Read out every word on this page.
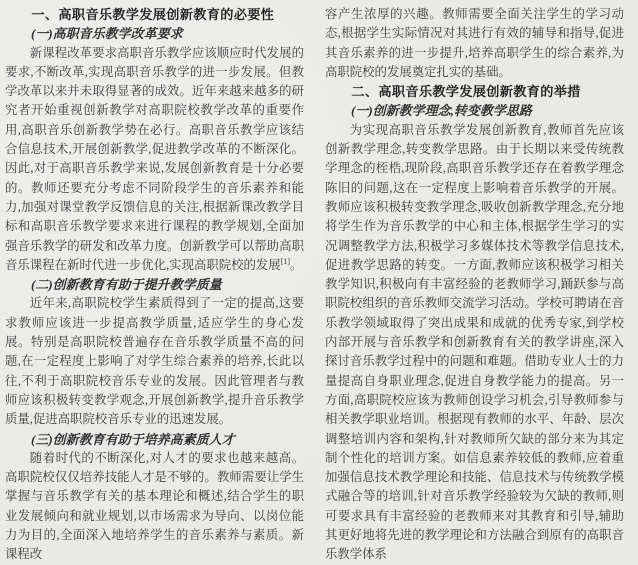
一、高职音乐教学发展创新教育的必要性
(一)高职音乐教学改革要求

新课程改革要求高职音乐教学应该顺应时代发展的要求,不断改革,实现高职音乐教学的进一步发展。但教学改革以来并未取得显著的成效。近年来越来越多的研究者开始重视创新教学对高职院校教学改革的重要作用,高职音乐创新教学势在必行。高职音乐教学应该结合信息技术,开展创新教学,促进教学改革的不断深化。因此,对于高职音乐教学来说,发展创新教育是十分必要的。教师还要充分考虑不同阶段学生的音乐素养和能力,加强对课堂教学反馈信息的关注,根据新课改教学目标和高职音乐教学要求来进行课程的教学规划,全面加强音乐教学的研发和改革力度。创新教学可以帮助高职音乐课程在新时代进一步优化,实现高职院校的发展[1]。

(二)创新教育有助于提升教学质量

近年来,高职院校学生素质得到了一定的提高,这要求教师应该进一步提高教学质量,适应学生的身心发展。特别是高职院校普遍存在音乐教学质量不高的问题,在一定程度上影响了对学生综合素养的培养,长此以往,不利于高职院校音乐专业的发展。因此管理者与教师应该积极转变教学观念,开展创新教学,提升音乐教学质量,促进高职院校音乐专业的迅速发展。

(三)创新教育有助于培养高素质人才

随着时代的不断深化,对人才的要求也越来越高。高职院校仅仅培养技能人才是不够的。教师需要让学生掌握与音乐教学有关的基本理论和概述,结合学生的职业发展倾向和就业规划,以市场需求为导向、以岗位能力为目的,全面深入地培养学生的音乐素养与素质。新课程改

容产生浓厚的兴趣。教师需要全面关注学生的学习动态,根据学生实际情况对其进行有效的辅导和指导,促进其音乐素养的进一步提升,培养高职学生的综合素养,为高职院校的发展奠定扎实的基础。

二、高职音乐教学发展创新教育的举措
(一)创新教学理念,转变教学思路

为实现高职音乐教学发展创新教育,教师首先应该创新教学理念,转变教学思路。由于长期以来受传统教学理念的桎梏,现阶段,高职音乐教学还存在着教学理念陈旧的问题,这在一定程度上影响着音乐教学的开展。教师应该积极转变教学理念,吸收创新教学理念,充分地将学生作为音乐教学的中心和主体,根据学生学习的实况调整教学方法,积极学习多媒体技术等教学信息技术,促进教学思路的转变。一方面,教师应该积极学习相关教学知识,积极向有丰富经验的老教师学习,踊跃参与高职院校组织的音乐教师交流学习活动。学校可聘请在音乐教学领域取得了突出成果和成就的优秀专家,到学校内部开展与音乐教学和创新教育有关的教学讲座,深入探讨音乐教学过程中的问题和难题。借助专业人士的力量提高自身职业理念,促进自身教学能力的提高。另一方面,高职院校应该为教师创设学习机会,引导教师参与相关教学职业培训。根据现有教师的水平、年龄、层次调整培训内容和架构,针对教师所欠缺的部分来为其定制个性化的培训方案。如信息素养较低的教师,应着重加强信息技术教学理论和技能、信息技术与传统教学模式融合等的培训,针对音乐教学经验较为欠缺的教师,则可要求具有丰富经验的老教师来对其教育和引导,辅助其更好地将先进的教学理论和方法融合到原有的高职音乐教学体系
